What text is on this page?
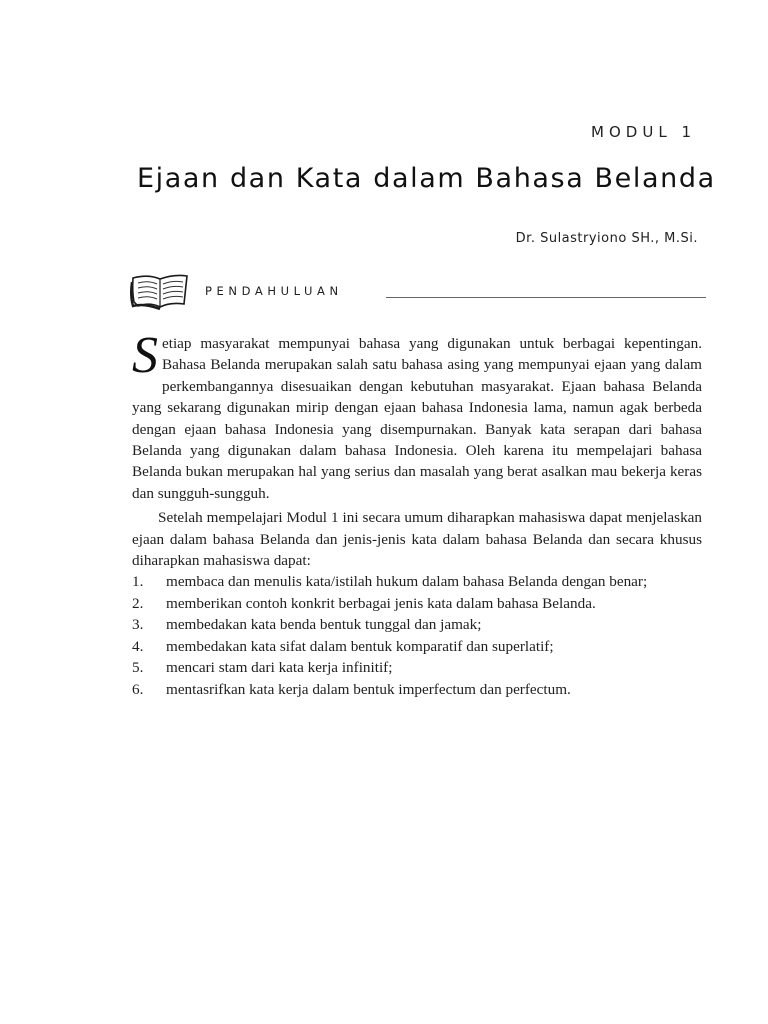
MODUL 1
Ejaan dan Kata dalam Bahasa Belanda
Dr. Sulastryiono SH., M.Si.
PENDAHULUAN

Setiap masyarakat mempunyai bahasa yang digunakan untuk berbagai kepentingan. Bahasa Belanda merupakan salah satu bahasa asing yang mempunyai ejaan yang dalam perkembangannya disesuaikan dengan kebutuhan masyarakat. Ejaan bahasa Belanda yang sekarang digunakan mirip dengan ejaan bahasa Indonesia lama, namun agak berbeda dengan ejaan bahasa Indonesia yang disempurnakan. Banyak kata serapan dari bahasa Belanda yang digunakan dalam bahasa Indonesia. Oleh karena itu mempelajari bahasa Belanda bukan merupakan hal yang serius dan masalah yang berat asalkan mau bekerja keras dan sungguh-sungguh.

Setelah mempelajari Modul 1 ini secara umum diharapkan mahasiswa dapat menjelaskan ejaan dalam bahasa Belanda dan jenis-jenis kata dalam bahasa Belanda dan secara khusus diharapkan mahasiswa dapat:

1. membaca dan menulis kata/istilah hukum dalam bahasa Belanda dengan benar;
2. memberikan contoh konkrit berbagai jenis kata dalam bahasa Belanda.
3. membedakan kata benda bentuk tunggal dan jamak;
4. membedakan kata sifat dalam bentuk komparatif dan superlatif;
5. mencari stam dari kata kerja infinitif;
6. mentasrifkan kata kerja dalam bentuk imperfectum dan perfectum.
